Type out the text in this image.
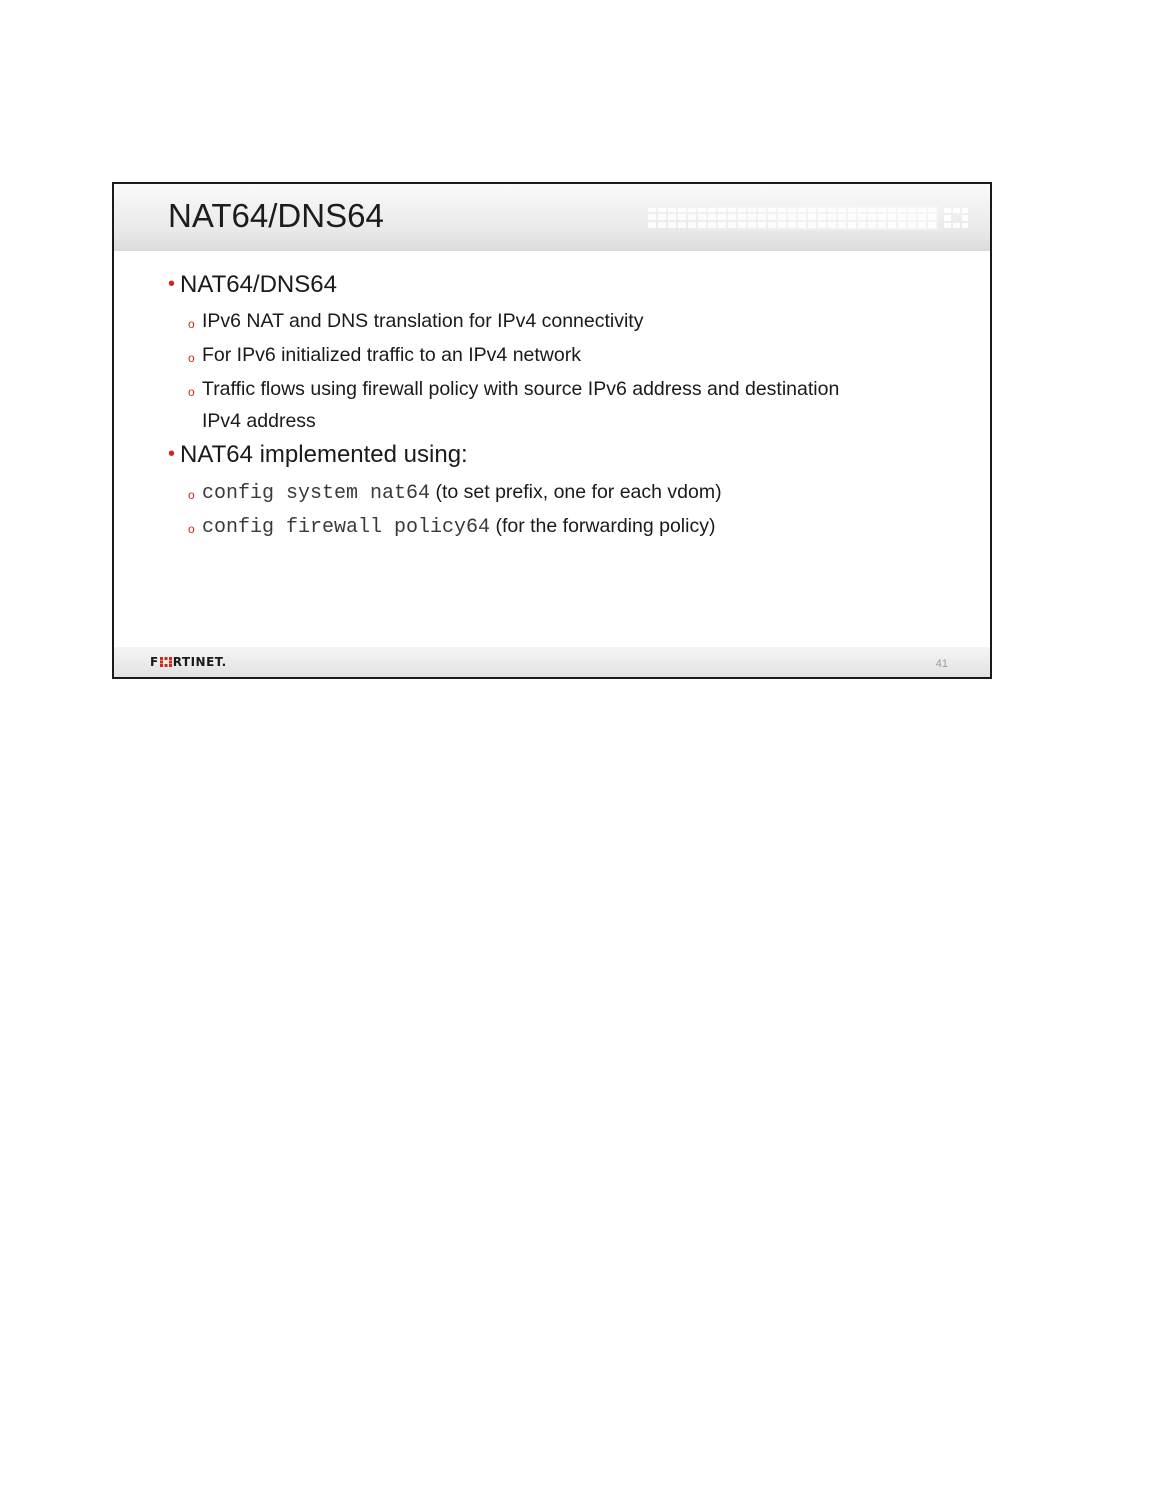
NAT64/DNS64
• NAT64/DNS64
o IPv6 NAT and DNS translation for IPv4 connectivity
o For IPv6 initialized traffic to an IPv4 network
o Traffic flows using firewall policy with source IPv6 address and destination
IPv4 address
• NAT64 implemented using:
o config system nat64 (to set prefix, one for each vdom)
o config firewall policy64 (for the forwarding policy)
F RTINET.	41
